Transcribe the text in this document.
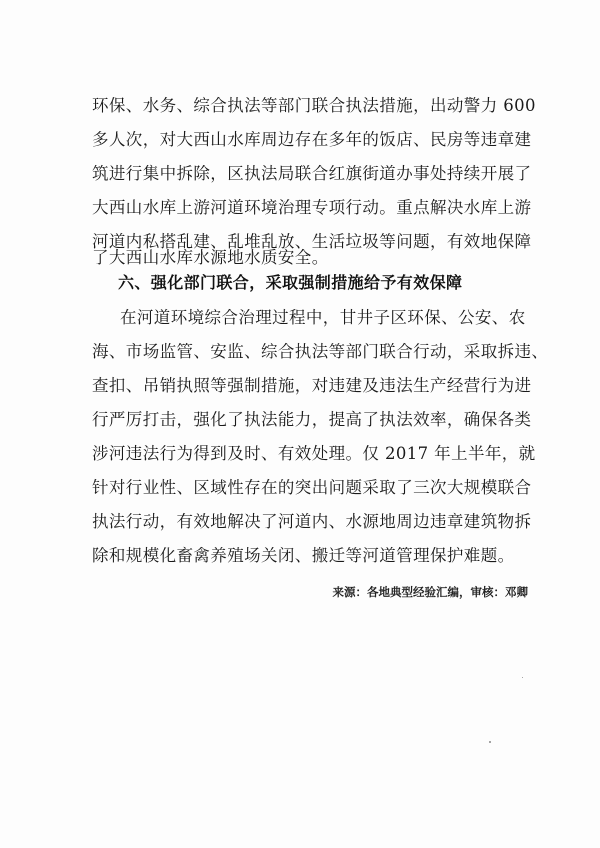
环保、水务、综合执法等部门联合执法措施，出动警力 600
多人次，对大西山水库周边存在多年的饭店、民房等违章建
筑进行集中拆除，区执法局联合红旗街道办事处持续开展了
大西山水库上游河道环境治理专项行动。重点解决水库上游
河道内私搭乱建、乱堆乱放、生活垃圾等问题，有效地保障
了大西山水库水源地水质安全。
六、强化部门联合，采取强制措施给予有效保障
在河道环境综合治理过程中，甘井子区环保、公安、农
海、市场监管、安监、综合执法等部门联合行动，采取拆违、
查扣、吊销执照等强制措施，对违建及违法生产经营行为进
行严厉打击，强化了执法能力，提高了执法效率，确保各类
涉河违法行为得到及时、有效处理。仅 2017 年上半年，就
针对行业性、区域性存在的突出问题采取了三次大规模联合
执法行动，有效地解决了河道内、水源地周边违章建筑物拆
除和规模化畜禽养殖场关闭、搬迁等河道管理保护难题。
来源：各地典型经验汇编，审核：邓卿
